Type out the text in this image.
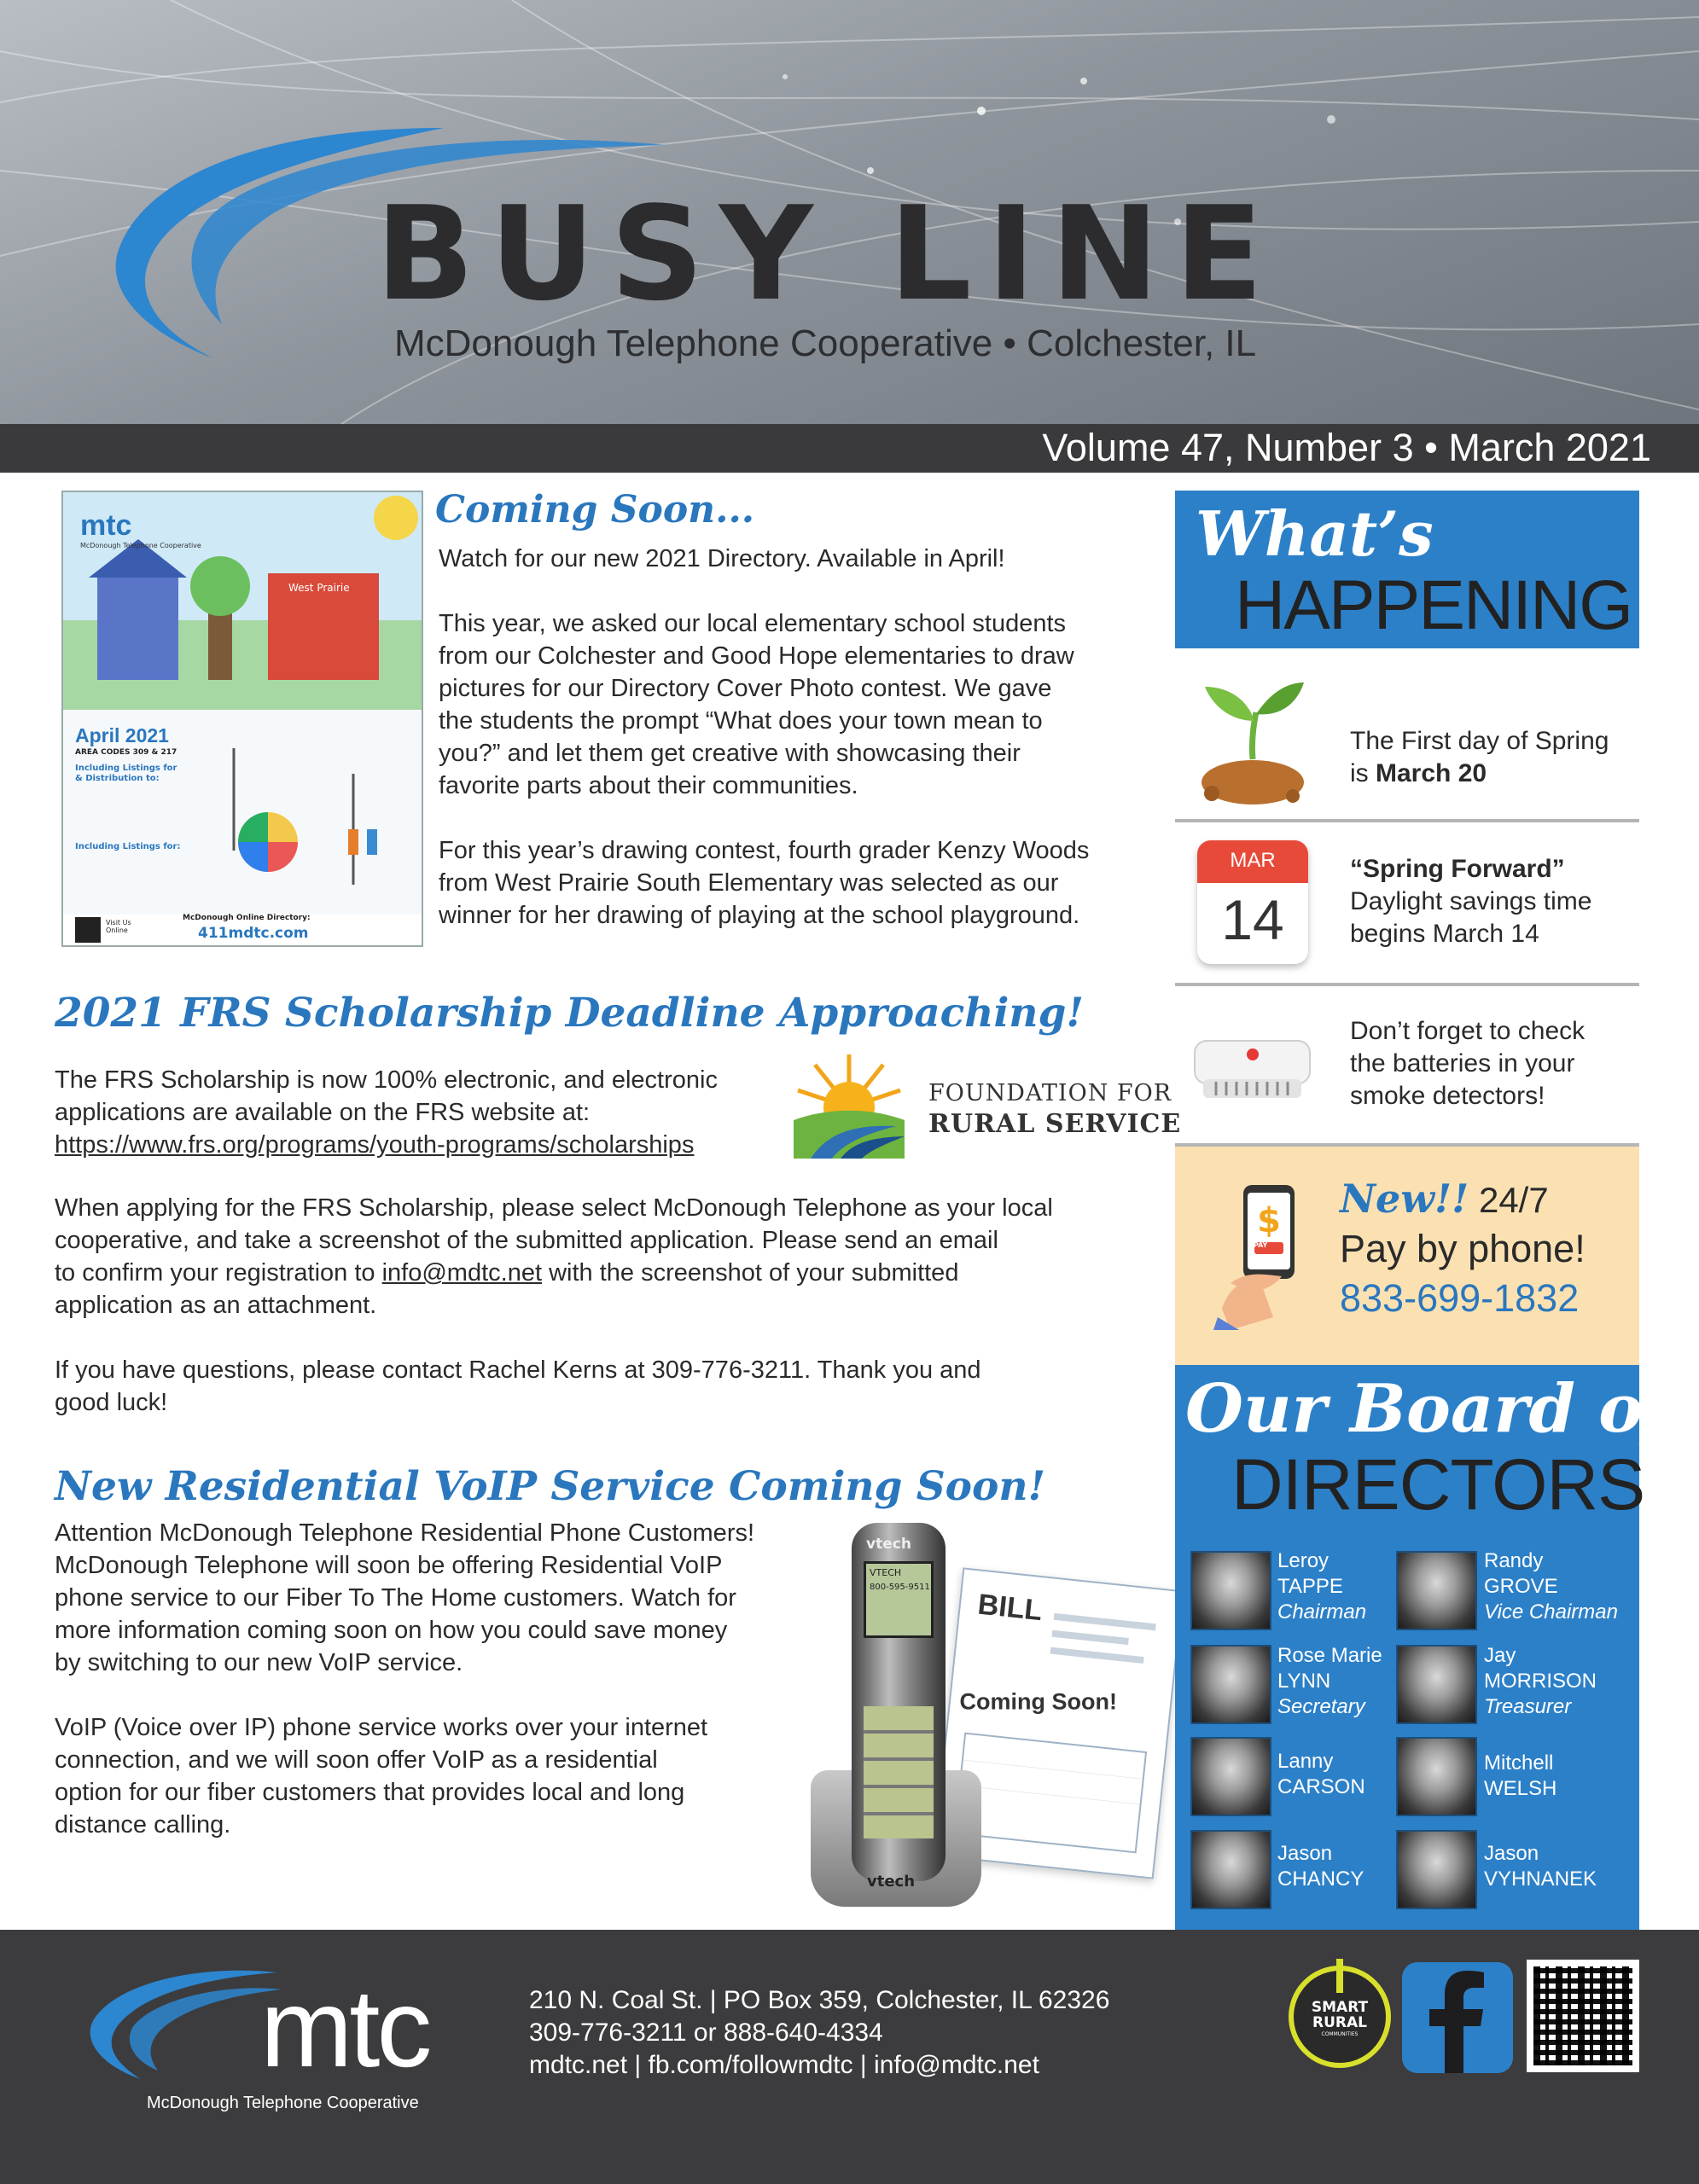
BUSY LINE
McDonough Telephone Cooperative • Colchester, IL
Volume 47, Number 3 • March 2021
mtc
McDonough Telephone Cooperative
West Prairie
April 2021
AREA CODES 309 & 217
Including Listings for & Distribution to:
Including Listings for:
Visit Us Online
McDonough Online Directory:
411mdtc.com
Coming Soon...
Watch for our new 2021 Directory. Available in April!
This year, we asked our local elementary school students
from our Colchester and Good Hope elementaries to draw
pictures for our Directory Cover Photo contest. We gave
the students the prompt “What does your town mean to
you?” and let them get creative with showcasing their
favorite parts about their communities.
For this year’s drawing contest, fourth grader Kenzy Woods
from West Prairie South Elementary was selected as our
winner for her drawing of playing at the school playground.
2021 FRS Scholarship Deadline Approaching!
The FRS Scholarship is now 100% electronic, and electronic
applications are available on the FRS website at:
https://www.frs.org/programs/youth-programs/scholarships
FOUNDATION FOR
RURAL SERVICE
When applying for the FRS Scholarship, please select McDonough Telephone as your local
cooperative, and take a screenshot of the submitted application. Please send an email
to confirm your registration to info@mdtc.net with the screenshot of your submitted
application as an attachment.
If you have questions, please contact Rachel Kerns at 309-776-3211. Thank you and
good luck!
New Residential VoIP Service Coming Soon!
Attention McDonough Telephone Residential Phone Customers!
McDonough Telephone will soon be offering Residential VoIP
phone service to our Fiber To The Home customers. Watch for
more information coming soon on how you could save money
by switching to our new VoIP service.
VoIP (Voice over IP) phone service works over your internet
connection, and we will soon offer VoIP as a residential
option for our fiber customers that provides local and long
distance calling.
BILL
Coming Soon!
vtech
VTECH
800-595-9511
vtech
What’s
HAPPENING
The First day of Spring
is March 20
MAR
14
“Spring Forward”
Daylight savings time
begins March 14
Don’t forget to check
the batteries in your
smoke detectors!
$
PAY
New!! 24/7
Pay by phone!
833-699-1832
Our Board of
DIRECTORS
Leroy
TAPPE
Chairman
Randy
GROVE
Vice Chairman
Rose Marie
LYNN
Secretary
Jay
MORRISON
Treasurer
Lanny
CARSON
Mitchell
WELSH
Jason
CHANCY
Jason
VYHNANEK
mtc
McDonough Telephone Cooperative
210 N. Coal St. | PO Box 359, Colchester, IL 62326
309-776-3211 or 888-640-4334
mdtc.net | fb.com/followmdtc | info@mdtc.net
SMART
RURAL
COMMUNITIES
